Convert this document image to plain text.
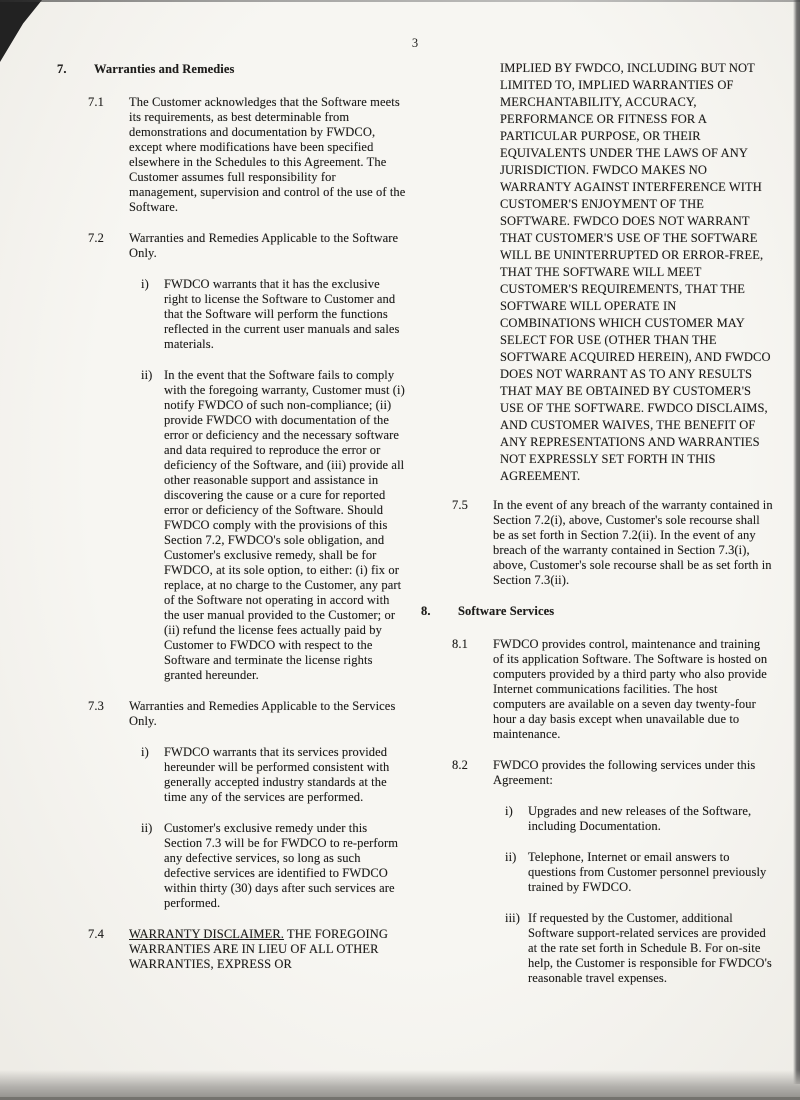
3
7. Warranties and Remedies
7.1 The Customer acknowledges that the Software meets its requirements, as best determinable from demonstrations and documentation by FWDCO, except where modifications have been specified elsewhere in the Schedules to this Agreement. The Customer assumes full responsibility for management, supervision and control of the use of the Software.
7.2 Warranties and Remedies Applicable to the Software Only.
i) FWDCO warrants that it has the exclusive right to license the Software to Customer and that the Software will perform the functions reflected in the current user manuals and sales materials.
ii) In the event that the Software fails to comply with the foregoing warranty, Customer must (i) notify FWDCO of such non-compliance; (ii) provide FWDCO with documentation of the error or deficiency and the necessary software and data required to reproduce the error or deficiency of the Software, and (iii) provide all other reasonable support and assistance in discovering the cause or a cure for reported error or deficiency of the Software. Should FWDCO comply with the provisions of this Section 7.2, FWDCO's sole obligation, and Customer's exclusive remedy, shall be for FWDCO, at its sole option, to either: (i) fix or replace, at no charge to the Customer, any part of the Software not operating in accord with the user manual provided to the Customer; or (ii) refund the license fees actually paid by Customer to FWDCO with respect to the Software and terminate the license rights granted hereunder.
7.3 Warranties and Remedies Applicable to the Services Only.
i) FWDCO warrants that its services provided hereunder will be performed consistent with generally accepted industry standards at the time any of the services are performed.
ii) Customer's exclusive remedy under this Section 7.3 will be for FWDCO to re-perform any defective services, so long as such defective services are identified to FWDCO within thirty (30) days after such services are performed.
7.4 WARRANTY DISCLAIMER. THE FOREGOING WARRANTIES ARE IN LIEU OF ALL OTHER WARRANTIES, EXPRESS OR
IMPLIED BY FWDCO, INCLUDING BUT NOT LIMITED TO, IMPLIED WARRANTIES OF MERCHANTABILITY, ACCURACY, PERFORMANCE OR FITNESS FOR A PARTICULAR PURPOSE, OR THEIR EQUIVALENTS UNDER THE LAWS OF ANY JURISDICTION. FWDCO MAKES NO WARRANTY AGAINST INTERFERENCE WITH CUSTOMER'S ENJOYMENT OF THE SOFTWARE. FWDCO DOES NOT WARRANT THAT CUSTOMER'S USE OF THE SOFTWARE WILL BE UNINTERRUPTED OR ERROR-FREE, THAT THE SOFTWARE WILL MEET CUSTOMER'S REQUIREMENTS, THAT THE SOFTWARE WILL OPERATE IN COMBINATIONS WHICH CUSTOMER MAY SELECT FOR USE (OTHER THAN THE SOFTWARE ACQUIRED HEREIN), AND FWDCO DOES NOT WARRANT AS TO ANY RESULTS THAT MAY BE OBTAINED BY CUSTOMER'S USE OF THE SOFTWARE. FWDCO DISCLAIMS, AND CUSTOMER WAIVES, THE BENEFIT OF ANY REPRESENTATIONS AND WARRANTIES NOT EXPRESSLY SET FORTH IN THIS AGREEMENT.
7.5 In the event of any breach of the warranty contained in Section 7.2(i), above, Customer's sole recourse shall be as set forth in Section 7.2(ii). In the event of any breach of the warranty contained in Section 7.3(i), above, Customer's sole recourse shall be as set forth in Section 7.3(ii).
8. Software Services
8.1 FWDCO provides control, maintenance and training of its application Software. The Software is hosted on computers provided by a third party who also provide Internet communications facilities. The host computers are available on a seven day twenty-four hour a day basis except when unavailable due to maintenance.
8.2 FWDCO provides the following services under this Agreement:
i) Upgrades and new releases of the Software, including Documentation.
ii) Telephone, Internet or email answers to questions from Customer personnel previously trained by FWDCO.
iii) If requested by the Customer, additional Software support-related services are provided at the rate set forth in Schedule B. For on-site help, the Customer is responsible for FWDCO's reasonable travel expenses.
